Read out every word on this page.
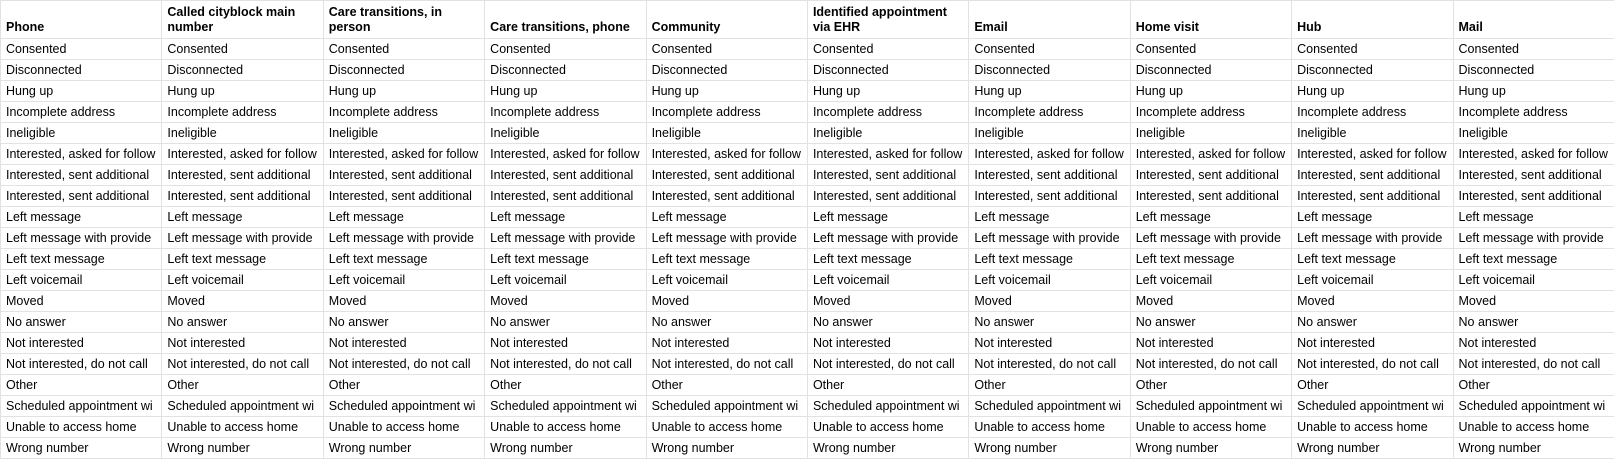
Phone	Called cityblock main number	Care transitions, in person	Care transitions, phone	Community	Identified appointment via EHR	Email	Home visit	Hub	Mail
Consented	Consented	Consented	Consented	Consented	Consented	Consented	Consented	Consented	Consented
Disconnected	Disconnected	Disconnected	Disconnected	Disconnected	Disconnected	Disconnected	Disconnected	Disconnected	Disconnected
Hung up	Hung up	Hung up	Hung up	Hung up	Hung up	Hung up	Hung up	Hung up	Hung up
Incomplete address	Incomplete address	Incomplete address	Incomplete address	Incomplete address	Incomplete address	Incomplete address	Incomplete address	Incomplete address	Incomplete address
Ineligible	Ineligible	Ineligible	Ineligible	Ineligible	Ineligible	Ineligible	Ineligible	Ineligible	Ineligible
Interested, asked for follow	Interested, asked for follow	Interested, asked for follow	Interested, asked for follow	Interested, asked for follow	Interested, asked for follow	Interested, asked for follow	Interested, asked for follow	Interested, asked for follow	Interested, asked for follow
Interested, sent additional	Interested, sent additional	Interested, sent additional	Interested, sent additional	Interested, sent additional	Interested, sent additional	Interested, sent additional	Interested, sent additional	Interested, sent additional	Interested, sent additional
Interested, sent additional	Interested, sent additional	Interested, sent additional	Interested, sent additional	Interested, sent additional	Interested, sent additional	Interested, sent additional	Interested, sent additional	Interested, sent additional	Interested, sent additional
Left message	Left message	Left message	Left message	Left message	Left message	Left message	Left message	Left message	Left message
Left message with provide	Left message with provide	Left message with provide	Left message with provide	Left message with provide	Left message with provide	Left message with provide	Left message with provide	Left message with provide	Left message with provide
Left text message	Left text message	Left text message	Left text message	Left text message	Left text message	Left text message	Left text message	Left text message	Left text message
Left voicemail	Left voicemail	Left voicemail	Left voicemail	Left voicemail	Left voicemail	Left voicemail	Left voicemail	Left voicemail	Left voicemail
Moved	Moved	Moved	Moved	Moved	Moved	Moved	Moved	Moved	Moved
No answer	No answer	No answer	No answer	No answer	No answer	No answer	No answer	No answer	No answer
Not interested	Not interested	Not interested	Not interested	Not interested	Not interested	Not interested	Not interested	Not interested	Not interested
Not interested, do not call	Not interested, do not call	Not interested, do not call	Not interested, do not call	Not interested, do not call	Not interested, do not call	Not interested, do not call	Not interested, do not call	Not interested, do not call	Not interested, do not call
Other	Other	Other	Other	Other	Other	Other	Other	Other	Other
Scheduled appointment wi	Scheduled appointment wi	Scheduled appointment wi	Scheduled appointment wi	Scheduled appointment wi	Scheduled appointment wi	Scheduled appointment wi	Scheduled appointment wi	Scheduled appointment wi	Scheduled appointment wi
Unable to access home	Unable to access home	Unable to access home	Unable to access home	Unable to access home	Unable to access home	Unable to access home	Unable to access home	Unable to access home	Unable to access home
Wrong number	Wrong number	Wrong number	Wrong number	Wrong number	Wrong number	Wrong number	Wrong number	Wrong number	Wrong number
